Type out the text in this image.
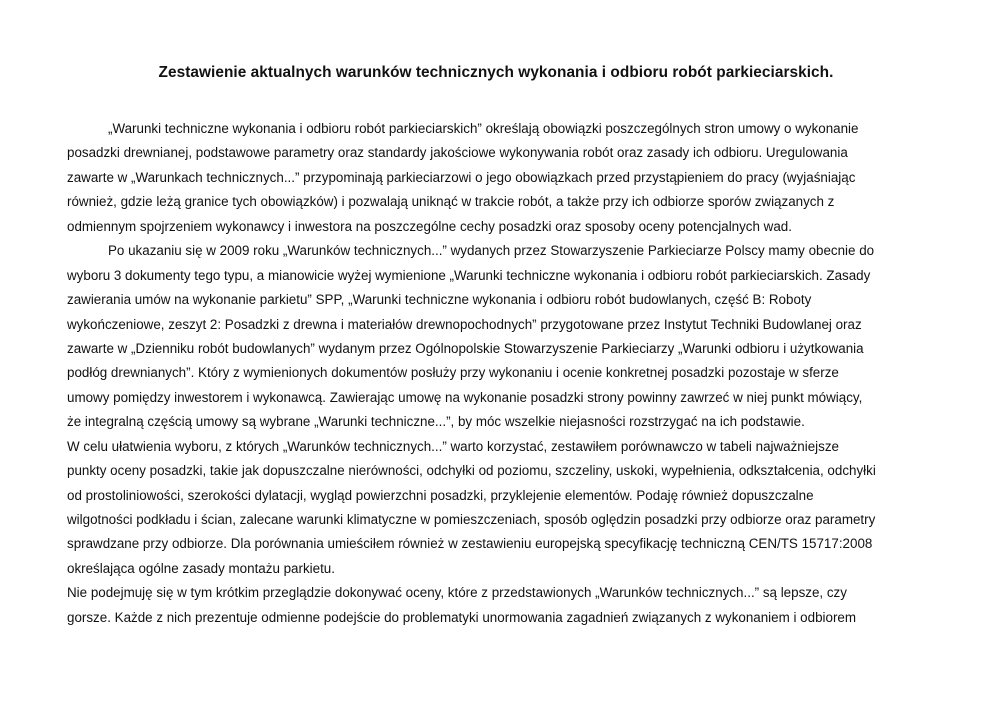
Zestawienie aktualnych warunków technicznych wykonania i odbioru robót parkieciarskich.
„Warunki techniczne wykonania i odbioru robót parkieciarskich” określają obowiązki poszczególnych stron umowy o wykonanie
posadzki drewnianej, podstawowe parametry oraz standardy jakościowe wykonywania robót oraz zasady ich odbioru. Uregulowania
zawarte w „Warunkach technicznych...” przypominają parkieciarzowi o jego obowiązkach przed przystąpieniem do pracy (wyjaśniając
również, gdzie leżą granice tych obowiązków) i pozwalają uniknąć w trakcie robót, a także przy ich odbiorze sporów związanych z
odmiennym spojrzeniem wykonawcy i inwestora na poszczególne cechy posadzki oraz sposoby oceny potencjalnych wad.
Po ukazaniu się w 2009 roku „Warunków technicznych...” wydanych przez Stowarzyszenie Parkieciarze Polscy mamy obecnie do
wyboru 3 dokumenty tego typu, a mianowicie wyżej wymienione „Warunki techniczne wykonania i odbioru robót parkieciarskich. Zasady
zawierania umów na wykonanie parkietu” SPP, „Warunki techniczne wykonania i odbioru robót budowlanych, część B: Roboty
wykończeniowe, zeszyt 2: Posadzki z drewna i materiałów drewnopochodnych” przygotowane przez Instytut Techniki Budowlanej oraz
zawarte w „Dzienniku robót budowlanych” wydanym przez Ogólnopolskie Stowarzyszenie Parkieciarzy „Warunki odbioru i użytkowania
podłóg drewnianych”. Który z wymienionych dokumentów posłuży przy wykonaniu i ocenie konkretnej posadzki pozostaje w sferze
umowy pomiędzy inwestorem i wykonawcą. Zawierając umowę na wykonanie posadzki strony powinny zawrzeć w niej punkt mówiący,
że integralną częścią umowy są wybrane „Warunki techniczne...”, by móc wszelkie niejasności rozstrzygać na ich podstawie.
W celu ułatwienia wyboru, z których „Warunków technicznych...” warto korzystać, zestawiłem porównawczo w tabeli najważniejsze
punkty oceny posadzki, takie jak dopuszczalne nierówności, odchyłki od poziomu, szczeliny, uskoki, wypełnienia, odkształcenia, odchyłki
od prostoliniowości, szerokości dylatacji, wygląd powierzchni posadzki, przyklejenie elementów. Podaję również dopuszczalne
wilgotności podkładu i ścian, zalecane warunki klimatyczne w pomieszczeniach, sposób oględzin posadzki przy odbiorze oraz parametry
sprawdzane przy odbiorze. Dla porównania umieściłem również w zestawieniu europejską specyfikację techniczną CEN/TS 15717:2008
określająca ogólne zasady montażu parkietu.
Nie podejmuję się w tym krótkim przeglądzie dokonywać oceny, które z przedstawionych „Warunków technicznych...” są lepsze, czy
gorsze. Każde z nich prezentuje odmienne podejście do problematyki unormowania zagadnień związanych z wykonaniem i odbiorem
